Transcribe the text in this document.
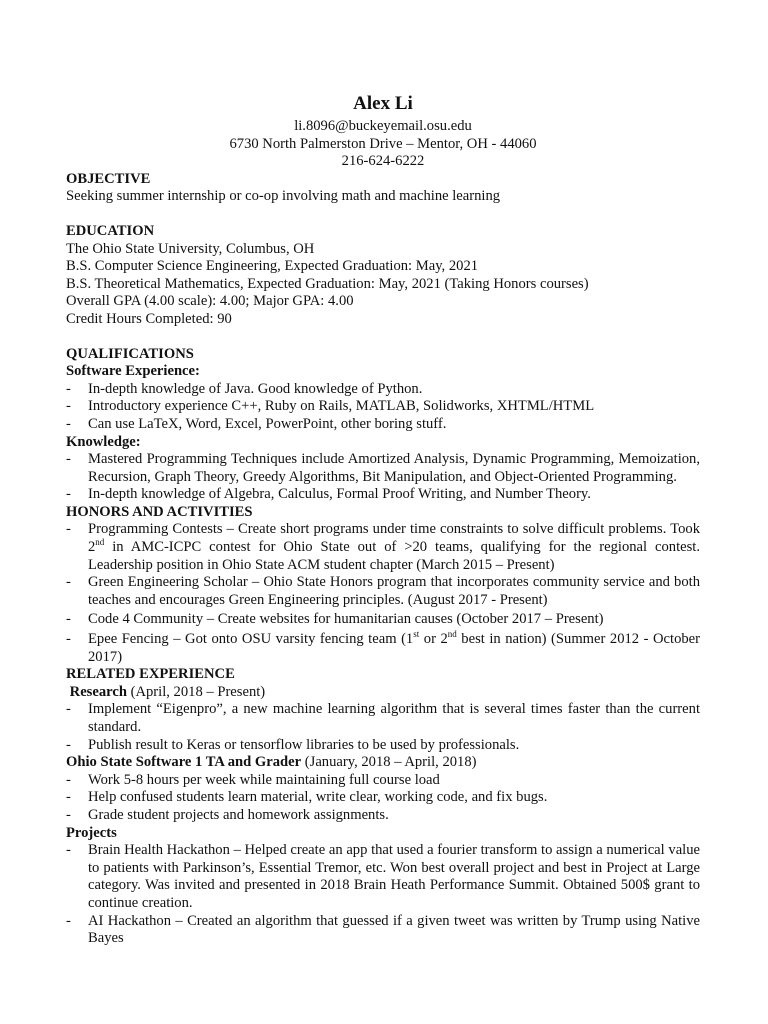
Alex Li
li.8096@buckeyemail.osu.edu
6730 North Palmerston Drive – Mentor, OH - 44060
216-624-6222
OBJECTIVE
Seeking summer internship or co-op involving math and machine learning
EDUCATION
The Ohio State University, Columbus, OH
B.S. Computer Science Engineering, Expected Graduation: May, 2021
B.S. Theoretical Mathematics, Expected Graduation: May, 2021 (Taking Honors courses)
Overall GPA (4.00 scale): 4.00; Major GPA: 4.00
Credit Hours Completed: 90
QUALIFICATIONS
Software Experience:
- In-depth knowledge of Java. Good knowledge of Python.
- Introductory experience C++, Ruby on Rails, MATLAB, Solidworks, XHTML/HTML
- Can use LaTeX, Word, Excel, PowerPoint, other boring stuff.
Knowledge:
- Mastered Programming Techniques include Amortized Analysis, Dynamic Programming, Memoization, Recursion, Graph Theory, Greedy Algorithms, Bit Manipulation, and Object-Oriented Programming.
- In-depth knowledge of Algebra, Calculus, Formal Proof Writing, and Number Theory.
HONORS AND ACTIVITIES
- Programming Contests – Create short programs under time constraints to solve difficult problems. Took 2nd in AMC-ICPC contest for Ohio State out of >20 teams, qualifying for the regional contest. Leadership position in Ohio State ACM student chapter (March 2015 – Present)
- Green Engineering Scholar – Ohio State Honors program that incorporates community service and both teaches and encourages Green Engineering principles. (August 2017 - Present)
- Code 4 Community – Create websites for humanitarian causes (October 2017 – Present)
- Epee Fencing – Got onto OSU varsity fencing team (1st or 2nd best in nation) (Summer 2012 - October 2017)
RELATED EXPERIENCE
Research (April, 2018 – Present)
- Implement “Eigenpro”, a new machine learning algorithm that is several times faster than the current standard.
- Publish result to Keras or tensorflow libraries to be used by professionals.
Ohio State Software 1 TA and Grader (January, 2018 – April, 2018)
- Work 5-8 hours per week while maintaining full course load
- Help confused students learn material, write clear, working code, and fix bugs.
- Grade student projects and homework assignments.
Projects
- Brain Health Hackathon – Helped create an app that used a fourier transform to assign a numerical value to patients with Parkinson’s, Essential Tremor, etc. Won best overall project and best in Project at Large category. Was invited and presented in 2018 Brain Heath Performance Summit. Obtained 500$ grant to continue creation.
- AI Hackathon – Created an algorithm that guessed if a given tweet was written by Trump using Native Bayes
